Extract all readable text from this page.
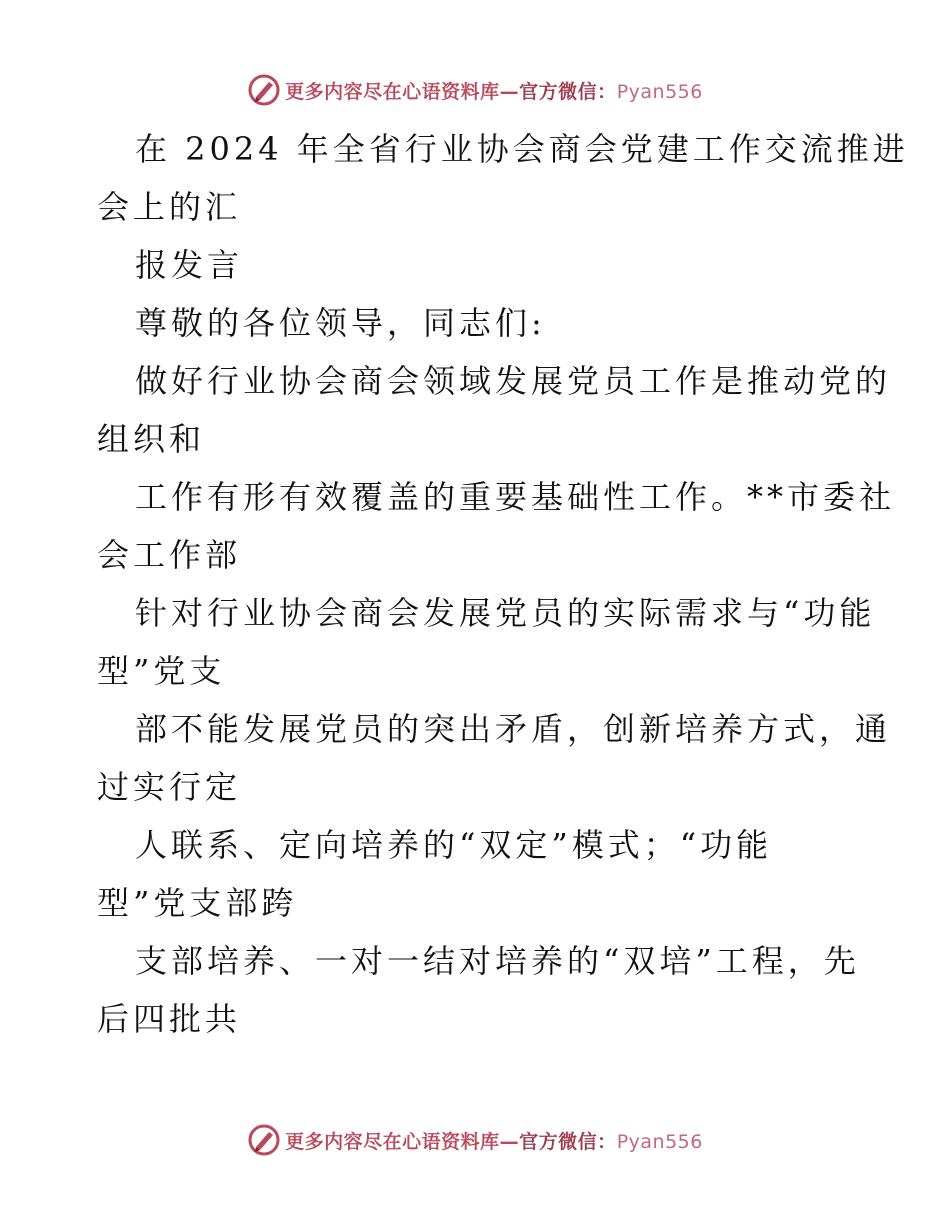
更多内容尽在心语资料库—官方微信：Pyan556
在 2024 年全省行业协会商会党建工作交流推进
会上的汇
报发言
尊敬的各位领导，同志们:
做好行业协会商会领域发展党员工作是推动党的
组织和
工作有形有效覆盖的重要基础性工作。**市委社
会工作部
针对行业协会商会发展党员的实际需求与“功能
型”党支
部不能发展党员的突出矛盾，创新培养方式，通
过实行定
人联系、定向培养的“双定”模式；“功能
型”党支部跨
支部培养、一对一结对培养的“双培”工程，先
后四批共
更多内容尽在心语资料库—官方微信：Pyan556
